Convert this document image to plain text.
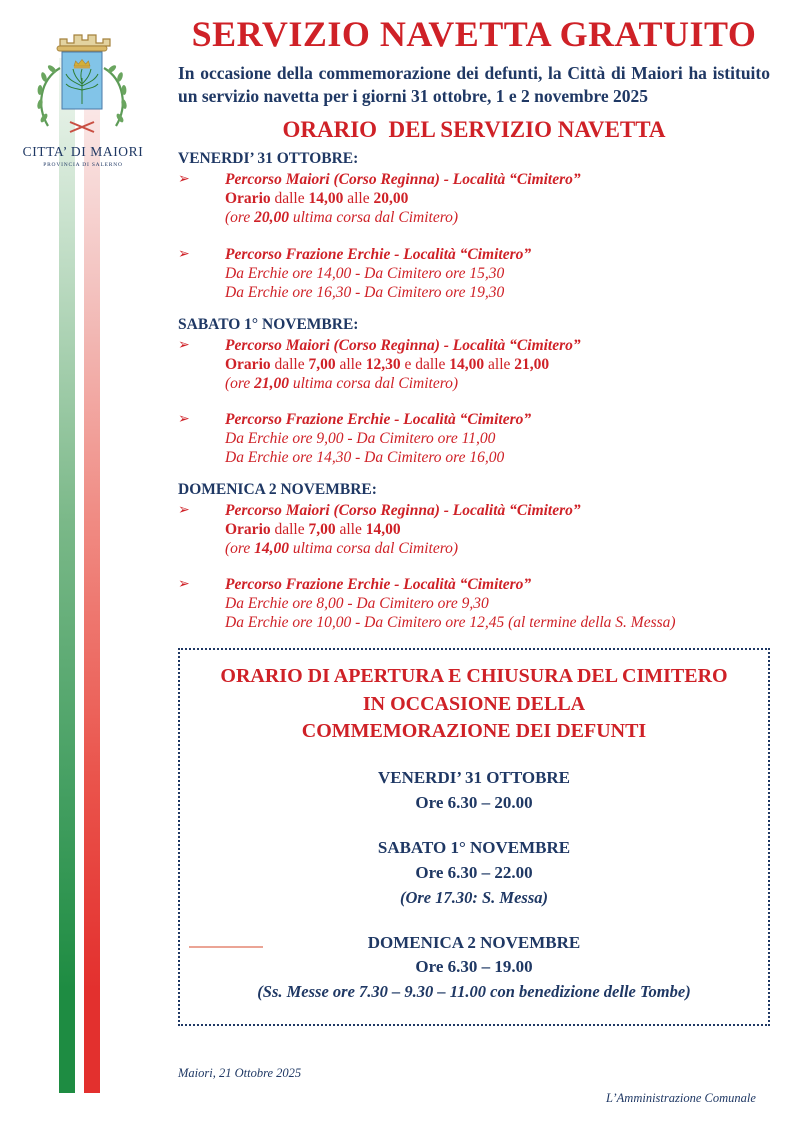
CITTA’ DI MAIORI
PROVINCIA DI SALERNO
SERVIZIO NAVETTA GRATUITO

In occasione della commemorazione dei defunti, la Città di Maiori ha istituito un servizio navetta per i giorni 31 ottobre, 1 e 2 novembre 2025

ORARIO  DEL SERVIZIO NAVETTA
VENERDI’ 31 OTTOBRE:
➢	Percorso Maiori (Corso Reginna) - Località “Cimitero”

Orario dalle 14,00 alle 20,00

(ore 20,00 ultima corsa dal Cimitero)

➢	Percorso Frazione Erchie - Località “Cimitero”

Da Erchie ore 14,00 - Da Cimitero ore 15,30

Da Erchie ore 16,30 - Da Cimitero ore 19,30

SABATO 1° NOVEMBRE:
➢	Percorso Maiori (Corso Reginna) - Località “Cimitero”

Orario dalle 7,00 alle 12,30 e dalle 14,00 alle 21,00

(ore 21,00 ultima corsa dal Cimitero)

➢	Percorso Frazione Erchie - Località “Cimitero”

Da Erchie ore 9,00 - Da Cimitero ore 11,00

Da Erchie ore 14,30 - Da Cimitero ore 16,00

DOMENICA 2 NOVEMBRE:
➢	Percorso Maiori (Corso Reginna) - Località “Cimitero”

Orario dalle 7,00 alle 14,00

(ore 14,00 ultima corsa dal Cimitero)

➢	Percorso Frazione Erchie - Località “Cimitero”

Da Erchie ore 8,00 - Da Cimitero ore 9,30

Da Erchie ore 10,00 - Da Cimitero ore 12,45 (al termine della S. Messa)

ORARIO DI APERTURA E CHIUSURA DEL CIMITERO
IN OCCASIONE DELLA
COMMEMORAZIONE DEI DEFUNTI
VENERDI’ 31 OTTOBRE
Ore 6.30 – 20.00
SABATO 1° NOVEMBRE
Ore 6.30 – 22.00
(Ore 17.30: S. Messa)
DOMENICA 2 NOVEMBRE
Ore 6.30 – 19.00
(Ss. Messe ore 7.30 – 9.30 – 11.00 con benedizione delle Tombe)
Maiori, 21 Ottobre 2025
L’Amministrazione Comunale
